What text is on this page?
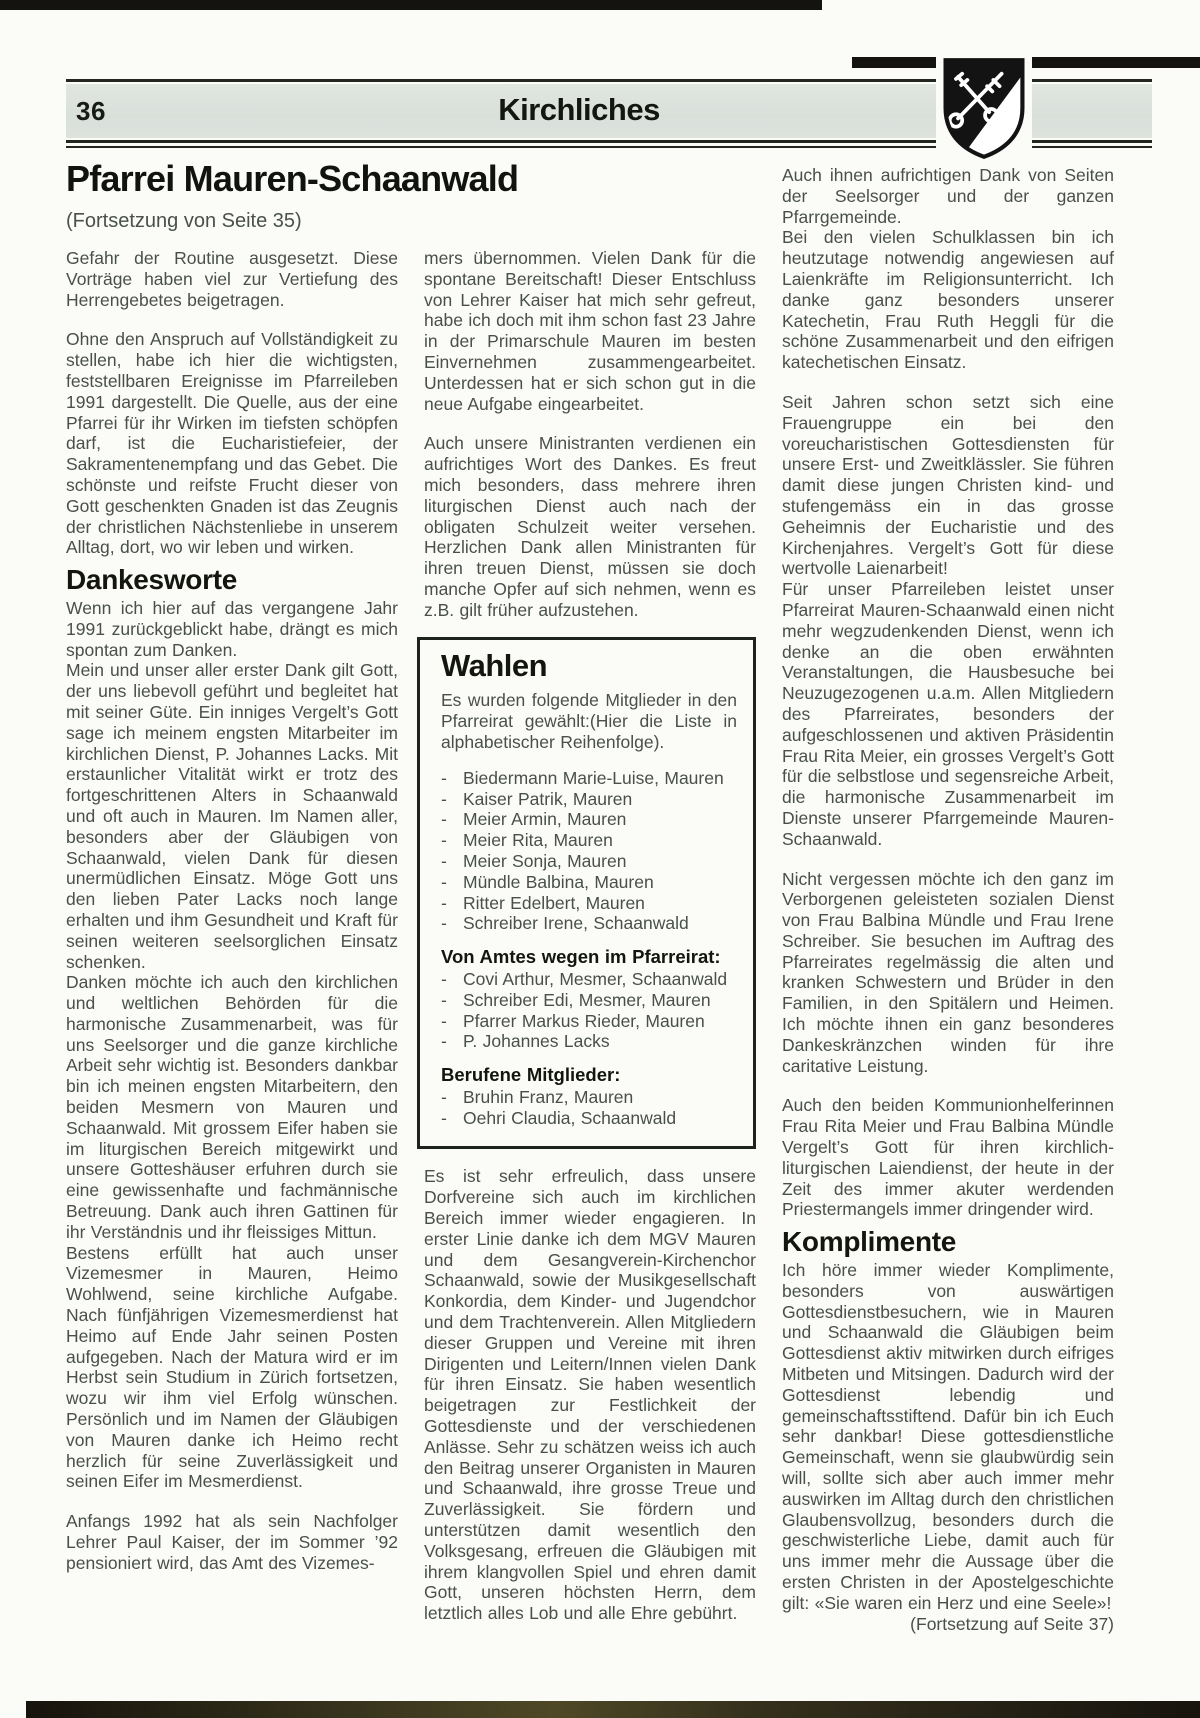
36	Kirchliches
Pfarrei Mauren-Schaanwald
(Fortsetzung von Seite 35)

Gefahr der Routine ausgesetzt. Diese Vorträge haben viel zur Vertiefung des Herrengebetes beigetragen.

Ohne den Anspruch auf Vollständigkeit zu stellen, habe ich hier die wichtigsten, feststellbaren Ereignisse im Pfarreileben 1991 dargestellt. Die Quelle, aus der eine Pfarrei für ihr Wirken im tiefsten schöpfen darf, ist die Eucharistiefeier, der Sakramentenempfang und das Gebet. Die schönste und reifste Frucht dieser von Gott geschenkten Gnaden ist das Zeugnis der christlichen Nächstenliebe in unserem Alltag, dort, wo wir leben und wirken.

Dankesworte

Wenn ich hier auf das vergangene Jahr 1991 zurückgeblickt habe, drängt es mich spontan zum Danken.

Mein und unser aller erster Dank gilt Gott, der uns liebevoll geführt und begleitet hat mit seiner Güte. Ein inniges Vergelt’s Gott sage ich meinem engsten Mitarbeiter im kirchlichen Dienst, P. Johannes Lacks. Mit erstaunlicher Vitalität wirkt er trotz des fortgeschrittenen Alters in Schaanwald und oft auch in Mauren. Im Namen aller, besonders aber der Gläubigen von Schaanwald, vielen Dank für diesen unermüdlichen Einsatz. Möge Gott uns den lieben Pater Lacks noch lange erhalten und ihm Gesundheit und Kraft für seinen weiteren seelsorglichen Einsatz schenken.

Danken möchte ich auch den kirchlichen und weltlichen Behörden für die harmonische Zusammenarbeit, was für uns Seelsorger und die ganze kirchliche Arbeit sehr wichtig ist. Besonders dankbar bin ich meinen engsten Mitarbeitern, den beiden Mesmern von Mauren und Schaanwald. Mit grossem Eifer haben sie im liturgischen Bereich mitgewirkt und unsere Gotteshäuser erfuhren durch sie eine gewissenhafte und fachmännische Betreuung. Dank auch ihren Gattinen für ihr Verständnis und ihr fleissiges Mittun.

Bestens erfüllt hat auch unser Vizemesmer in Mauren, Heimo Wohlwend, seine kirchliche Aufgabe. Nach fünfjährigen Vizemesmerdienst hat Heimo auf Ende Jahr seinen Posten aufgegeben. Nach der Matura wird er im Herbst sein Studium in Zürich fortsetzen, wozu wir ihm viel Erfolg wünschen. Persönlich und im Namen der Gläubigen von Mauren danke ich Heimo recht herzlich für seine Zuverlässigkeit und seinen Eifer im Mesmerdienst.

Anfangs 1992 hat als sein Nachfolger Lehrer Paul Kaiser, der im Sommer ’92 pensioniert wird, das Amt des Vizemes-

mers übernommen. Vielen Dank für die spontane Bereitschaft! Dieser Entschluss von Lehrer Kaiser hat mich sehr gefreut, habe ich doch mit ihm schon fast 23 Jahre in der Primarschule Mauren im besten Einvernehmen zusammengearbeitet. Unterdessen hat er sich schon gut in die neue Aufgabe eingearbeitet.

Auch unsere Ministranten verdienen ein aufrichtiges Wort des Dankes. Es freut mich besonders, dass mehrere ihren liturgischen Dienst auch nach der obligaten Schulzeit weiter versehen. Herzlichen Dank allen Ministranten für ihren treuen Dienst, müssen sie doch manche Opfer auf sich nehmen, wenn es z.B. gilt früher aufzustehen.

Wahlen

Es wurden folgende Mitglieder in den Pfarreirat gewählt:(Hier die Liste in alphabetischer Reihenfolge).

- Biedermann Marie-Luise, Mauren
- Kaiser Patrik, Mauren
- Meier Armin, Mauren
- Meier Rita, Mauren
- Meier Sonja, Mauren
- Mündle Balbina, Mauren
- Ritter Edelbert, Mauren
- Schreiber Irene, Schaanwald
Von Amtes wegen im Pfarreirat:
- Covi Arthur, Mesmer, Schaanwald
- Schreiber Edi, Mesmer, Mauren
- Pfarrer Markus Rieder, Mauren
- P. Johannes Lacks
Berufene Mitglieder:
- Bruhin Franz, Mauren
- Oehri Claudia, Schaanwald

Es ist sehr erfreulich, dass unsere Dorfvereine sich auch im kirchlichen Bereich immer wieder engagieren. In erster Linie danke ich dem MGV Mauren und dem Gesangverein-Kirchenchor Schaanwald, sowie der Musikgesellschaft Konkordia, dem Kinder- und Jugendchor und dem Trachtenverein. Allen Mitgliedern dieser Gruppen und Vereine mit ihren Dirigenten und Leitern/Innen vielen Dank für ihren Einsatz. Sie haben wesentlich beigetragen zur Festlichkeit der Gottesdienste und der verschiedenen Anlässe. Sehr zu schätzen weiss ich auch den Beitrag unserer Organisten in Mauren und Schaanwald, ihre grosse Treue und Zuverlässigkeit. Sie fördern und unterstützen damit wesentlich den Volksgesang, erfreuen die Gläubigen mit ihrem klangvollen Spiel und ehren damit Gott, unseren höchsten Herrn, dem letztlich alles Lob und alle Ehre gebührt.

Auch ihnen aufrichtigen Dank von Seiten der Seelsorger und der ganzen Pfarrgemeinde.

Bei den vielen Schulklassen bin ich heutzutage notwendig angewiesen auf Laienkräfte im Religionsunterricht. Ich danke ganz besonders unserer Katechetin, Frau Ruth Heggli für die schöne Zusammenarbeit und den eifrigen katechetischen Einsatz.

Seit Jahren schon setzt sich eine Frauengruppe ein bei den voreucharistischen Gottesdiensten für unsere Erst- und Zweitklässler. Sie führen damit diese jungen Christen kind- und stufengemäss ein in das grosse Geheimnis der Eucharistie und des Kirchenjahres. Vergelt’s Gott für diese wertvolle Laienarbeit!

Für unser Pfarreileben leistet unser Pfarreirat Mauren-Schaanwald einen nicht mehr wegzudenkenden Dienst, wenn ich denke an die oben erwähnten Veranstaltungen, die Hausbesuche bei Neuzugezogenen u.a.m. Allen Mitgliedern des Pfarreirates, besonders der aufgeschlossenen und aktiven Präsidentin Frau Rita Meier, ein grosses Vergelt’s Gott für die selbstlose und segensreiche Arbeit, die harmonische Zusammenarbeit im Dienste unserer Pfarrgemeinde Mauren-Schaanwald.

Nicht vergessen möchte ich den ganz im Verborgenen geleisteten sozialen Dienst von Frau Balbina Mündle und Frau Irene Schreiber. Sie besuchen im Auftrag des Pfarreirates regelmässig die alten und kranken Schwestern und Brüder in den Familien, in den Spitälern und Heimen. Ich möchte ihnen ein ganz besonderes Dankeskränzchen winden für ihre caritative Leistung.

Auch den beiden Kommunionhelferinnen Frau Rita Meier und Frau Balbina Mündle Vergelt’s Gott für ihren kirchlich-liturgischen Laiendienst, der heute in der Zeit des immer akuter werdenden Priestermangels immer dringender wird.

Komplimente

Ich höre immer wieder Komplimente, besonders von auswärtigen Gottesdienstbesuchern, wie in Mauren und Schaanwald die Gläubigen beim Gottesdienst aktiv mitwirken durch eifriges Mitbeten und Mitsingen. Dadurch wird der Gottesdienst lebendig und gemeinschaftsstiftend. Dafür bin ich Euch sehr dankbar! Diese gottesdienstliche Gemeinschaft, wenn sie glaubwürdig sein will, sollte sich aber auch immer mehr auswirken im Alltag durch den christlichen Glaubensvollzug, besonders durch die geschwisterliche Liebe, damit auch für uns immer mehr die Aussage über die ersten Christen in der Apostelgeschichte gilt: «Sie waren ein Herz und eine Seele»!

(Fortsetzung auf Seite 37)
